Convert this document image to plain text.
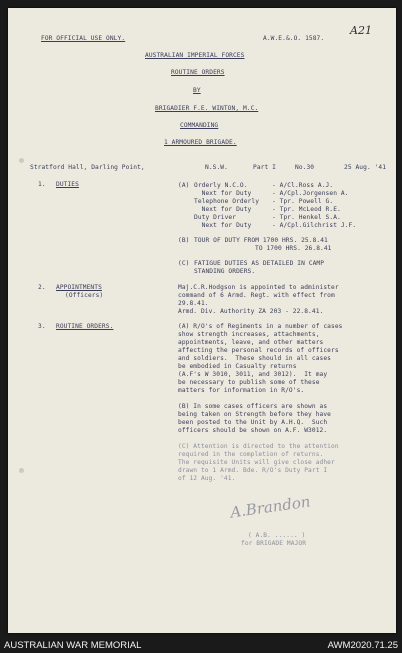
FOR OFFICIAL USE ONLY.	A.W.E.&.O. 1587.
A21
AUSTRALIAN IMPERIAL FORCES
ROUTINE ORDERS
BY
BRIGADIER F.E. WINTON, M.C.
COMMANDING
1 ARMOURED BRIGADE.
Stratford Hall, Darling Point,	N.S.W.	Part I	No.30	25 Aug. '41
1. DUTIES	(A) Orderly N.C.O.	- A/Cl.Ross A.J.
Next for Duty	- A/Cpl.Jorgensen A.
Telephone Orderly - Tpr. Powell G.
Next for Duty	- Tpr. McLeod R.E.
Duty Driver	- Tpr. Henkel S.A.
Next for Duty	- A/Cpl.Gilchrist J.F.
(B) TOUR OF DUTY FROM 1700 HRS. 25.8.41
TO 1700 HRS. 26.8.41
(C) FATIGUE DUTIES AS DETAILED IN CAMP
STANDING ORDERS.
2. APPOINTMENTS
(Officers)
Maj.C.R.Hodgson is appointed to administer
command of 6 Armd. Regt. with effect from
29.8.41.
Armd. Div. Authority ZA 203 - 22.8.41.
3. ROUTINE ORDERS.	(A) R/O's of Regiments in a number of cases
show strength increases, attachments,
appointments, leave, and other matters
affecting the personal records of officers
and soldiers.  These should in all cases
be embodied in Casualty returns
(A.F's W 3010, 3011, and 3012).  It may
be necessary to publish some of these
matters for information in R/O's.
(B) In some cases officers are shown as
being taken on Strength before they have
been posted to the Unit by A.H.Q.  Such
officers should be shown on A.F. W3012.
(C) Attention is directed to the attention
required in the completion of returns.
The requisite Units will give close adher
drawn to 1 Armd. Bde. R/O's Duty Part I
of 12 Aug. '41.
A.Brandon
( A.B. ...... )
for BRIGADE MAJOR
AUSTRALIAN WAR MEMORIAL	AWM2020.71.25
